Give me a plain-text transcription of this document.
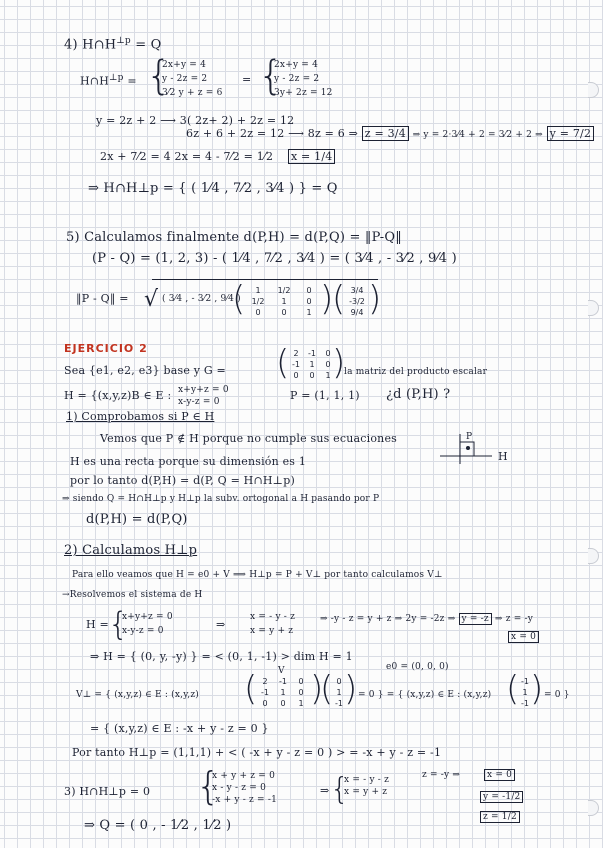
4) $H\cap H^{\perp p} = Q$
$H\cap H^{\perp p}$ = {
2x+y = 4
y - 2z = 2
3⁄2 y + z = 6
= {
2x+y = 4
y - 2z = 2
3y+ 2z = 12
y = 2z + 2 ⟶ 3( 2z+ 2) + 2z = 12
6z + 6 + 2z = 12 ⟶ 8z = 6 ⇒ z = 3/4 ⇒ y = 2·3⁄4 + 2 = 3⁄2 + 2 ⇒ y = 7/2
2x + 7⁄2 = 4 2x = 4 - 7⁄2 = 1⁄2 x = 1/4
⇒ H∩H⊥p = { ( 1⁄4 , 7⁄2 , 3⁄4 ) } = Q
5) Calculamos finalmente d(P,H) = d(P,Q) = ‖P-Q‖
(P - Q) = (1, 2, 3) - ( 1⁄4 , 7⁄2 , 3⁄4 ) = ( 3⁄4 , - 3⁄2 , 9⁄4 )
‖P - Q‖ = √ ( 3⁄4 , - 3⁄2 , 9⁄4 )
(	1	1/2	0
1/2	1	0
0	0	1 )
( 3/4
-3/2
9/4 )
EJERCICIO 2
Sea {e1, e2, e3} base y G = ( 2	-1	0
-1	1	0
0	0	1 )
la matriz del producto escalar
H = {(x,y,z)B ∈ E : x+y+z = 0
x-y-z = 0	P = (1, 1, 1) ¿d (P,H) ?
1) Comprobamos si P ∈ H
Vemos que P ∉ H porque no cumple sus ecuaciones
H es una recta porque su dimensión es 1
por lo tanto d(P,H) = d(P, Q = H∩H⊥p)
⇒ siendo Q = H∩H⊥p y H⊥p la subv. ortogonal a H pasando por P
d(P,H) = d(P,Q)
P
H
2) Calculamos H⊥p
Para ello veamos que H = e0 + V ⟹ H⊥p = P + V⊥ por tanto calculamos V⊥
→Resolvemos el sistema de H
H = {
x+y+z = 0
x-y-z = 0	⇒
x = - y - z
x = y + z
⇒ -y - z = y + z ⇒ 2y = -2z ⇒ y = -z ⇒ z = -y
x = 0
⇒ H = { (0, y, -y) } = < (0, 1, -1) > dim H = 1
V	e0 = (0, 0, 0)
V⊥ = { (x,y,z) ∈ E : (x,y,z) ( 2	-1	0
-1	1	0
0	0	1 )
( 0
1
-1 ) = 0 } = { (x,y,z) ∈ E : (x,y,z) ( -1
1
-1 ) = 0 }
= { (x,y,z) ∈ E : -x + y - z = 0 }
Por tanto H⊥p = (1,1,1) + < ( -x + y - z = 0 ) > = -x + y - z = -1
3) H∩H⊥p = 0 {
x + y + z = 0
x - y - z = 0
-x + y - z = -1
⇒ {
x = - y - z
x = y + z
z = -y ⇒	x = 0
y = -1/2
z = 1/2
⇒ Q = ( 0 , - 1⁄2 , 1⁄2 )
